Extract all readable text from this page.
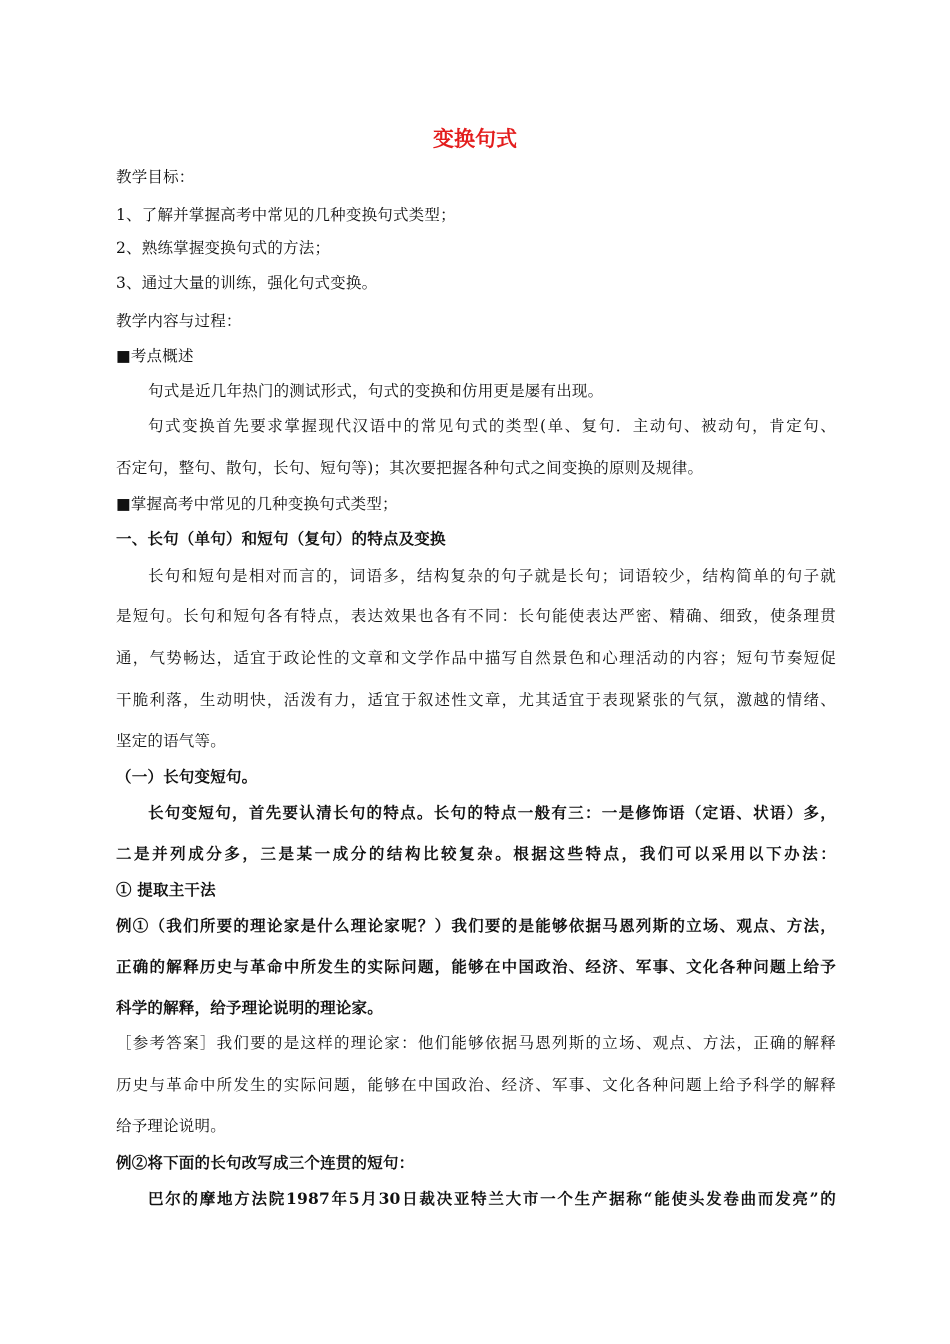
变换句式
教学目标：
1、了解并掌握高考中常见的几种变换句式类型；
2、熟练掌握变换句式的方法；
3、通过大量的训练，强化句式变换。
教学内容与过程：
■考点概述
句式是近几年热门的测试形式，句式的变换和仿用更是屡有出现。
句式变换首先要求掌握现代汉语中的常见句式的类型(单、复句．主动句、被动句，肯定句、
否定句，整句、散句，长句、短句等)；其次要把握各种句式之间变换的原则及规律。
■掌握高考中常见的几种变换句式类型；
一、长句（单句）和短句（复句）的特点及变换
长句和短句是相对而言的，词语多，结构复杂的句子就是长句；词语较少，结构简单的句子就
是短句。长句和短句各有特点，表达效果也各有不同：长句能使表达严密、精确、细致，使条理贯
通，气势畅达，适宜于政论性的文章和文学作品中描写自然景色和心理活动的内容；短句节奏短促
干脆利落，生动明快，活泼有力，适宜于叙述性文章，尤其适宜于表现紧张的气氛，激越的情绪、
坚定的语气等。
（一）长句变短句。
长句变短句，首先要认清长句的特点。长句的特点一般有三：一是修饰语（定语、状语）多，
二是并列成分多，三是某一成分的结构比较复杂。根据这些特点，我们可以采用以下办法：
① 提取主干法
例①（我们所要的理论家是什么理论家呢？）我们要的是能够依据马恩列斯的立场、观点、方法，
正确的解释历史与革命中所发生的实际问题，能够在中国政治、经济、军事、文化各种问题上给予
科学的解释，给予理论说明的理论家。
［参考答案］我们要的是这样的理论家：他们能够依据马恩列斯的立场、观点、方法，正确的解释
历史与革命中所发生的实际问题，能够在中国政治、经济、军事、文化各种问题上给予科学的解释
给予理论说明。
例②将下面的长句改写成三个连贯的短句：
巴尔的摩地方法院1987年5月30日裁决亚特兰大市一个生产据称“能使头发卷曲而发亮”的
